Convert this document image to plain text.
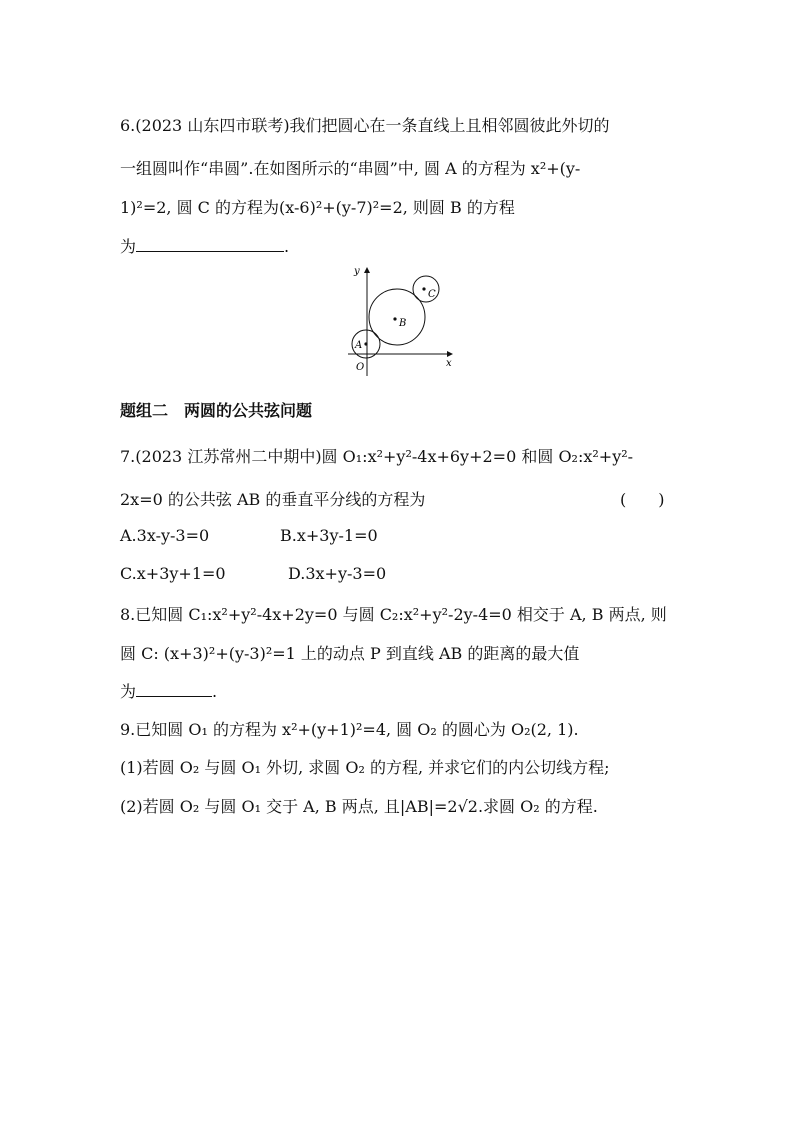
6.(2023 山东四市联考)我们把圆心在一条直线上且相邻圆彼此外切的
一组圆叫作“串圆”.在如图所示的“串圆”中, 圆 A 的方程为 x²+(y-
1)²=2, 圆 C 的方程为(x-6)²+(y-7)²=2, 则圆 B 的方程
为	.
y
x
O
A
B
C
题组二　两圆的公共弦问题
7.(2023 江苏常州二中期中)圆 O₁:x²+y²-4x+6y+2=0 和圆 O₂:x²+y²-
2x=0 的公共弦 AB 的垂直平分线的方程为	(　　)
A.3x-y-3=0	B.x+3y-1=0
C.x+3y+1=0	D.3x+y-3=0
8.已知圆 C₁:x²+y²-4x+2y=0 与圆 C₂:x²+y²-2y-4=0 相交于 A, B 两点, 则
圆 C: (x+3)²+(y-3)²=1 上的动点 P 到直线 AB 的距离的最大值
为	.
9.已知圆 O₁ 的方程为 x²+(y+1)²=4, 圆 O₂ 的圆心为 O₂(2, 1).
(1)若圆 O₂ 与圆 O₁ 外切, 求圆 O₂ 的方程, 并求它们的内公切线方程;
(2)若圆 O₂ 与圆 O₁ 交于 A, B 两点, 且|AB|=2√2.求圆 O₂ 的方程.
